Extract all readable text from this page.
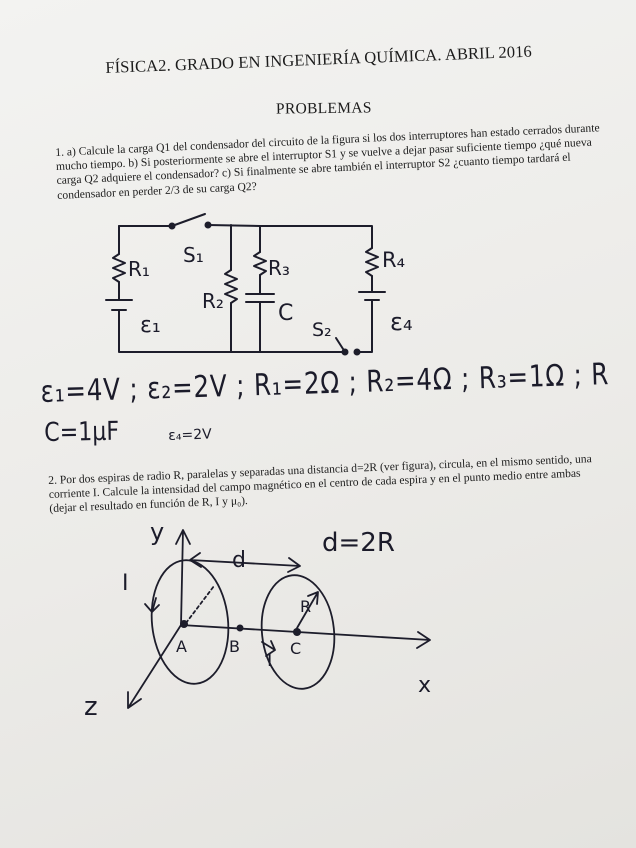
FÍSICA2. GRADO EN INGENIERÍA QUÍMICA. ABRIL 2016
PROBLEMAS
1. a) Calcule la carga Q1 del condensador del circuito de la figura si los dos interruptores han estado cerrados durante mucho tiempo. b) Si posteriormente se abre el interruptor S1 y se vuelve a dejar pasar suficiente tiempo ¿qué nueva carga Q2 adquiere el condensador? c) Si finalmente se abre también el interruptor S2 ¿cuanto tiempo tardará el condensador en perder 2/3 de su carga Q2?
R₁
ε₁
S₁
R₂
R₃
C
R₄
ε₄
S₂
ε₁=4V ; ε₂=2V ; R₁=2Ω ; R₂=4Ω ; R₃=1Ω ; R
C=1μF	ε₄=2V
2. Por dos espiras de radio R, paralelas y separadas una distancia d=2R (ver figura), circula, en el mismo sentido, una corriente I. Calcule la intensidad del campo magnético en el centro de cada espira y en el punto medio entre ambas (dejar el resultado en función de R, I y μ₀).
y
x
z
d
d=2R
I
I
R
A	B	C
